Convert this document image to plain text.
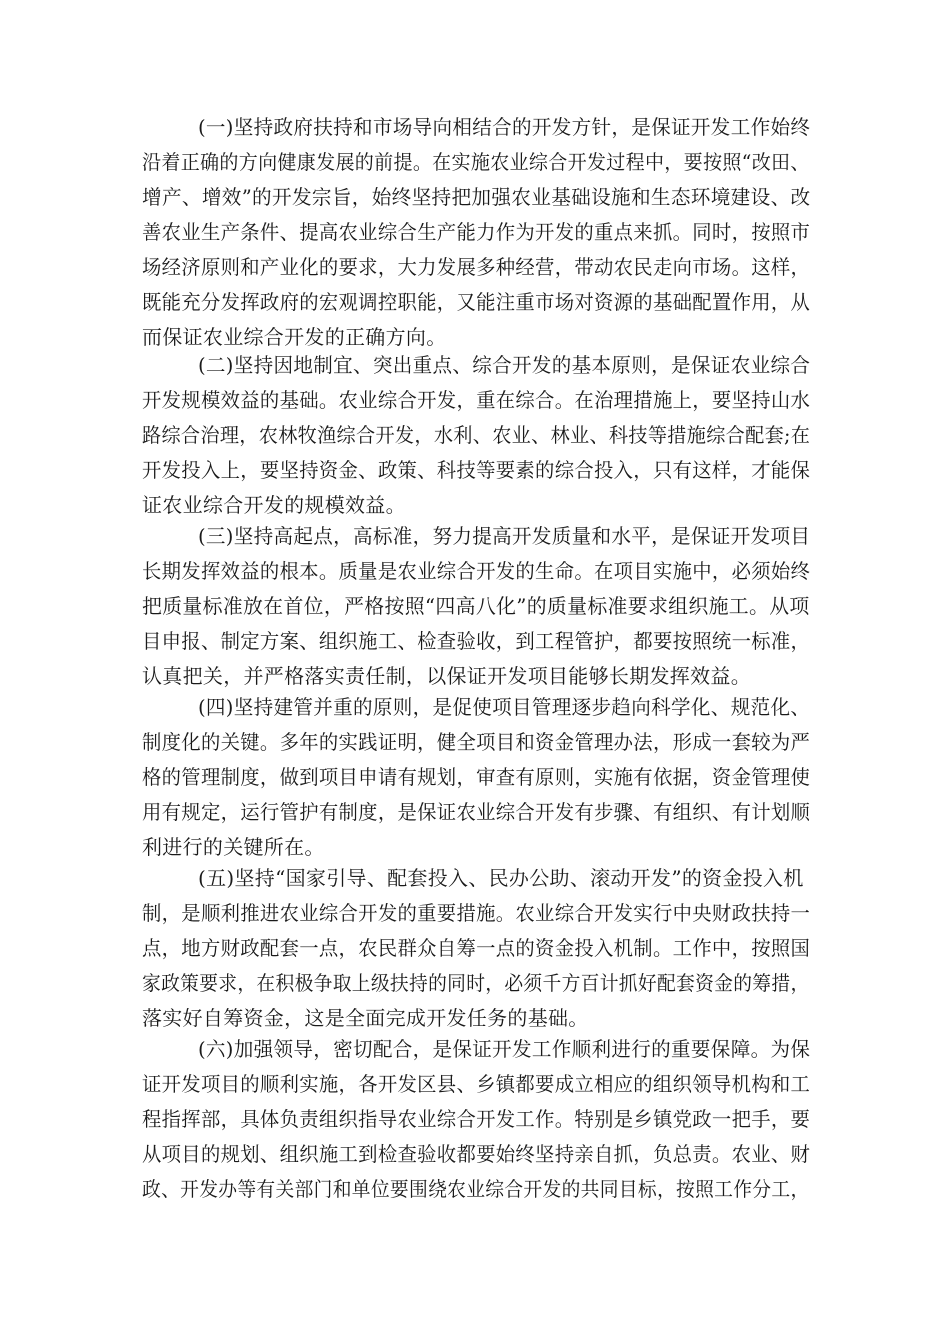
(一)坚持政府扶持和市场导向相结合的开发方针，是保证开发工作始终
沿着正确的方向健康发展的前提。在实施农业综合开发过程中，要按照“改田、
增产、增效”的开发宗旨，始终坚持把加强农业基础设施和生态环境建设、改
善农业生产条件、提高农业综合生产能力作为开发的重点来抓。同时，按照市
场经济原则和产业化的要求，大力发展多种经营，带动农民走向市场。这样，
既能充分发挥政府的宏观调控职能，又能注重市场对资源的基础配置作用，从
而保证农业综合开发的正确方向。
(二)坚持因地制宜、突出重点、综合开发的基本原则，是保证农业综合
开发规模效益的基础。农业综合开发，重在综合。在治理措施上，要坚持山水
路综合治理，农林牧渔综合开发，水利、农业、林业、科技等措施综合配套;在
开发投入上，要坚持资金、政策、科技等要素的综合投入，只有这样，才能保
证农业综合开发的规模效益。
(三)坚持高起点，高标准，努力提高开发质量和水平，是保证开发项目
长期发挥效益的根本。质量是农业综合开发的生命。在项目实施中，必须始终
把质量标准放在首位，严格按照“四高八化”的质量标准要求组织施工。从项
目申报、制定方案、组织施工、检查验收，到工程管护，都要按照统一标准，
认真把关，并严格落实责任制，以保证开发项目能够长期发挥效益。
(四)坚持建管并重的原则，是促使项目管理逐步趋向科学化、规范化、
制度化的关键。多年的实践证明，健全项目和资金管理办法，形成一套较为严
格的管理制度，做到项目申请有规划，审查有原则，实施有依据，资金管理使
用有规定，运行管护有制度，是保证农业综合开发有步骤、有组织、有计划顺
利进行的关键所在。
(五)坚持“国家引导、配套投入、民办公助、滚动开发”的资金投入机
制，是顺利推进农业综合开发的重要措施。农业综合开发实行中央财政扶持一
点，地方财政配套一点，农民群众自筹一点的资金投入机制。工作中，按照国
家政策要求，在积极争取上级扶持的同时，必须千方百计抓好配套资金的筹措，
落实好自筹资金，这是全面完成开发任务的基础。
(六)加强领导，密切配合，是保证开发工作顺利进行的重要保障。为保
证开发项目的顺利实施，各开发区县、乡镇都要成立相应的组织领导机构和工
程指挥部，具体负责组织指导农业综合开发工作。特别是乡镇党政一把手，要
从项目的规划、组织施工到检查验收都要始终坚持亲自抓，负总责。农业、财
政、开发办等有关部门和单位要围绕农业综合开发的共同目标，按照工作分工，
